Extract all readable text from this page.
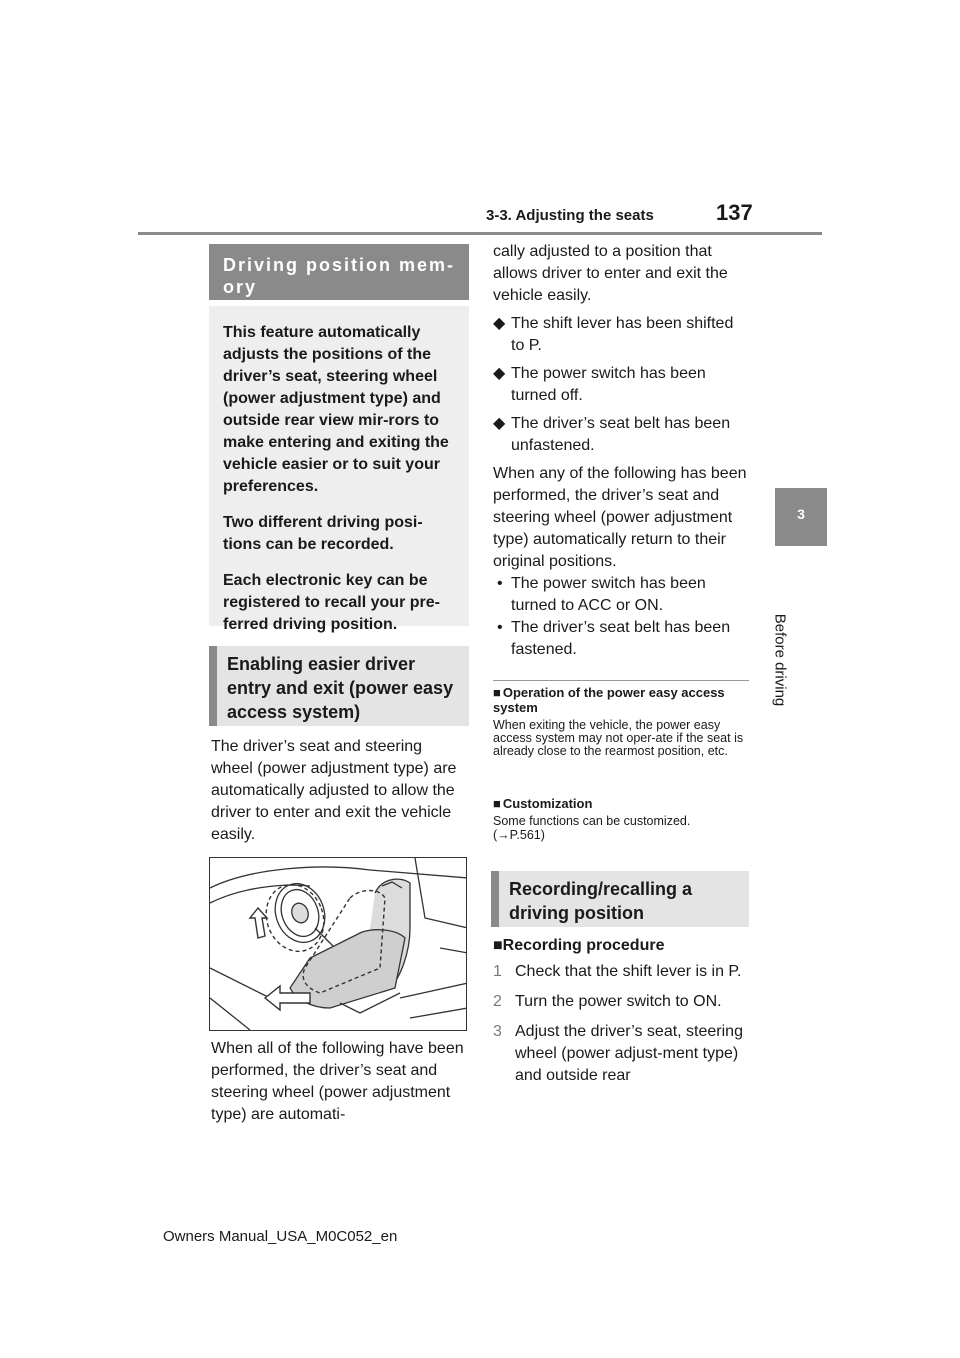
3-3. Adjusting the seats	137
3
Before driving
Driving position mem-
ory

This feature automatically adjusts the positions of the driver’s seat, steering wheel (power adjustment type) and outside rear view mir-rors to make entering and exiting the vehicle easier or to suit your preferences.

Two different driving posi-tions can be recorded.

Each electronic key can be registered to recall your pre-ferred driving position.

Enabling easier driver entry and exit (power easy access system)

The driver’s seat and steering wheel (power adjustment type) are automatically adjusted to allow the driver to enter and exit the vehicle easily.

When all of the following have been performed, the driver’s seat and steering wheel (power adjustment type) are automati-

cally adjusted to a position that allows driver to enter and exit the vehicle easily.

◆ The shift lever has been shifted to P.
◆ The power switch has been turned off.
◆ The driver’s seat belt has been unfastened.

When any of the following has been performed, the driver’s seat and steering wheel (power adjustment type) automatically return to their original positions.

• The power switch has been turned to ACC or ON.
• The driver’s seat belt has been fastened.
■ Operation of the power easy access system
When exiting the vehicle, the power easy access system may not oper-ate if the seat is already close to the rearmost position, etc.
■ Customization
Some functions can be customized.
(→P.561)
Recording/recalling a driving position
■Recording procedure
1 Check that the shift lever is in P.
2 Turn the power switch to ON.
3 Adjust the driver’s seat, steering wheel (power adjust-ment type) and outside rear
Owners Manual_USA_M0C052_en
